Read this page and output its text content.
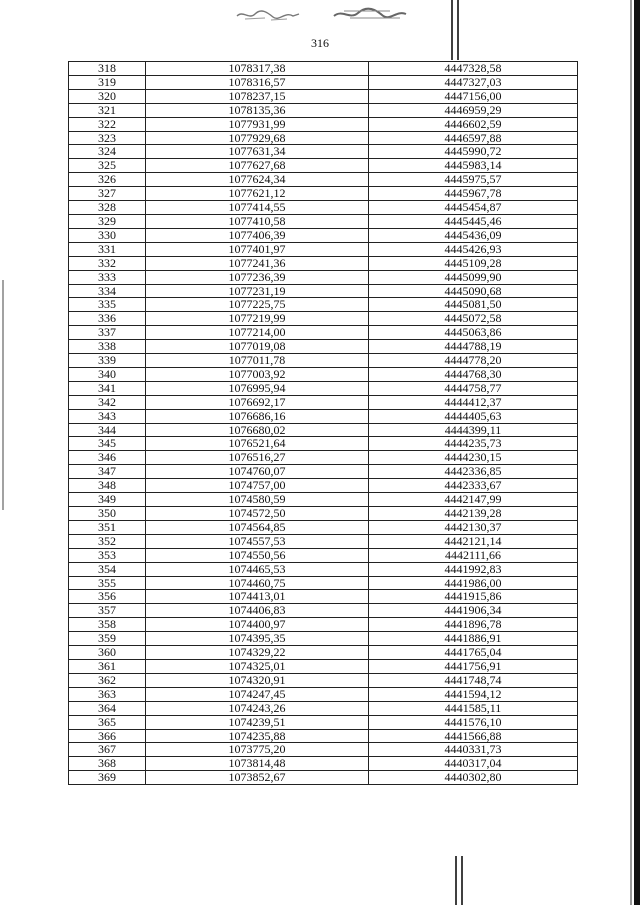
316
318	1078317,38	4447328,58
319	1078316,57	4447327,03
320	1078237,15	4447156,00
321	1078135,36	4446959,29
322	1077931,99	4446602,59
323	1077929,68	4446597,88
324	1077631,34	4445990,72
325	1077627,68	4445983,14
326	1077624,34	4445975,57
327	1077621,12	4445967,78
328	1077414,55	4445454,87
329	1077410,58	4445445,46
330	1077406,39	4445436,09
331	1077401,97	4445426,93
332	1077241,36	4445109,28
333	1077236,39	4445099,90
334	1077231,19	4445090,68
335	1077225,75	4445081,50
336	1077219,99	4445072,58
337	1077214,00	4445063,86
338	1077019,08	4444788,19
339	1077011,78	4444778,20
340	1077003,92	4444768,30
341	1076995,94	4444758,77
342	1076692,17	4444412,37
343	1076686,16	4444405,63
344	1076680,02	4444399,11
345	1076521,64	4444235,73
346	1076516,27	4444230,15
347	1074760,07	4442336,85
348	1074757,00	4442333,67
349	1074580,59	4442147,99
350	1074572,50	4442139,28
351	1074564,85	4442130,37
352	1074557,53	4442121,14
353	1074550,56	4442111,66
354	1074465,53	4441992,83
355	1074460,75	4441986,00
356	1074413,01	4441915,86
357	1074406,83	4441906,34
358	1074400,97	4441896,78
359	1074395,35	4441886,91
360	1074329,22	4441765,04
361	1074325,01	4441756,91
362	1074320,91	4441748,74
363	1074247,45	4441594,12
364	1074243,26	4441585,11
365	1074239,51	4441576,10
366	1074235,88	4441566,88
367	1073775,20	4440331,73
368	1073814,48	4440317,04
369	1073852,67	4440302,80
